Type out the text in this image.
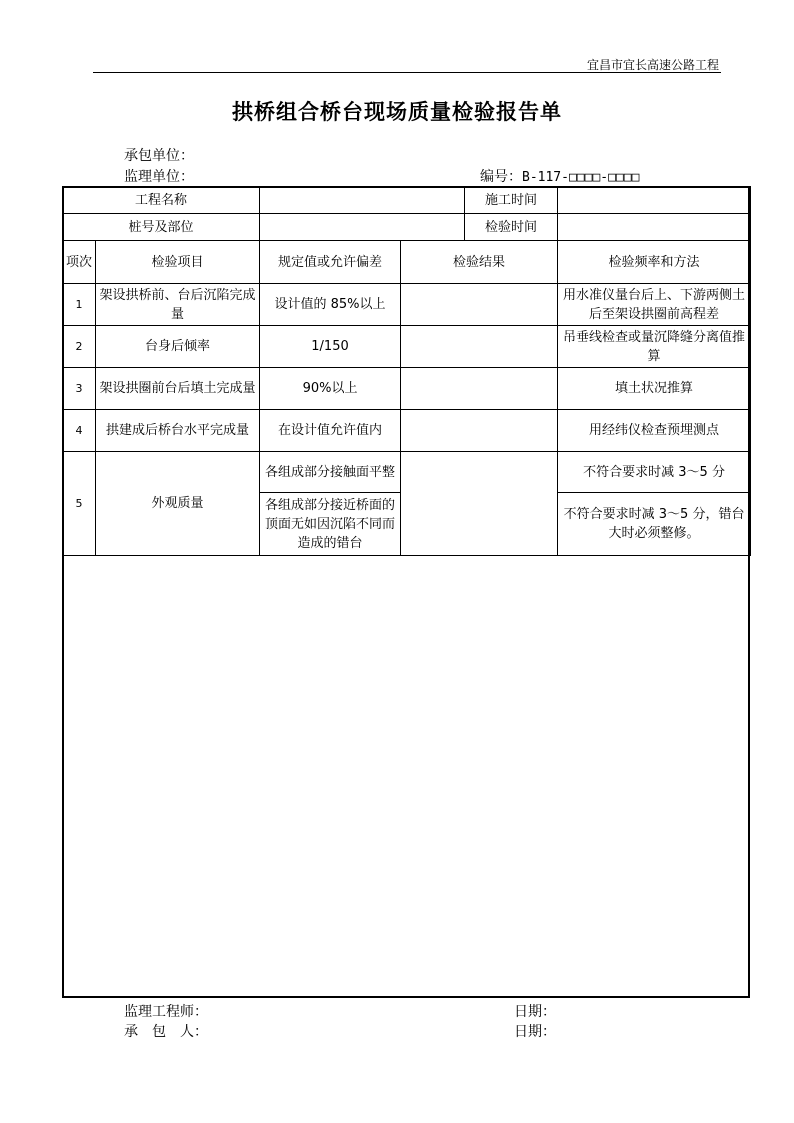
宜昌市宜长高速公路工程
拱桥组合桥台现场质量检验报告单
承包单位：
监理单位：	编号：B-117-□□□□-□□□□
工程名称				施工时间	
桩号及部位				检验时间	
项次	检验项目	规定值或允许偏差	检验结果		检验频率和方法
1	架设拱桥前、台后沉陷完成量	设计值的 85%以上			用水准仪量台后上、下游两侧土后至架设拱圈前高程差
2	台身后倾率	1/150			吊垂线检查或量沉降缝分离值推算
3	架设拱圈前台后填土完成量	90%以上			填土状况推算
4	拱建成后桥台水平完成量	在设计值允许值内			用经纬仪检查预埋测点
5	外观质量	各组成部分接触面平整			不符合要求时减 3～5 分
		各组成部分接近桥面的顶面无如因沉陷不同而造成的错台			不符合要求时减 3～5 分，错台大时必须整修。
监理工程师：	日期：
承　包　人：	日期：
